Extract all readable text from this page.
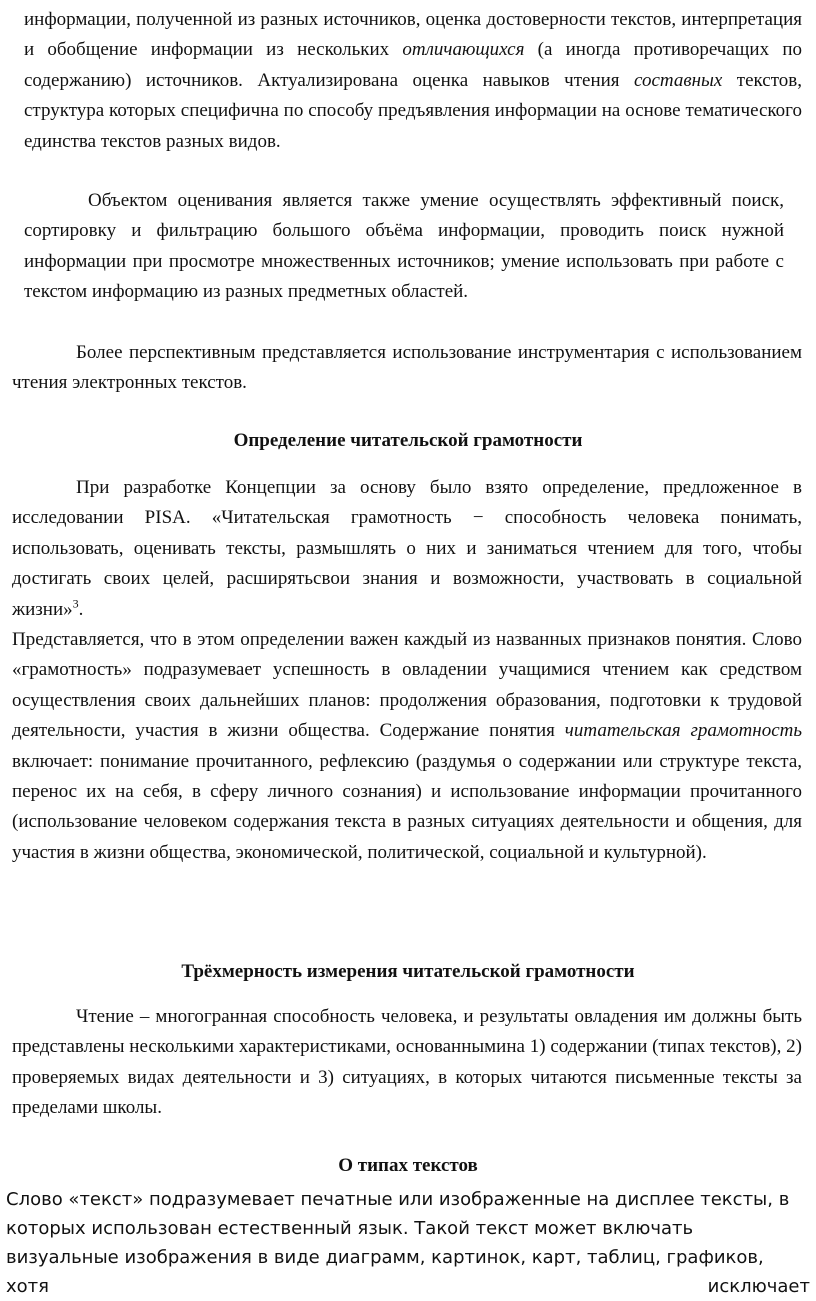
информации, полученной из разных источников, оценка достоверности текстов, интерпретация и обобщение информации из нескольких отличающихся (а иногда противоречащих по содержанию) источников. Актуализирована оценка навыков чтения составных текстов, структура которых специфична по способу предъявления информации на основе тематического единства текстов разных видов.

Объектом оценивания является также умение осуществлять эффективный поиск, сортировку и фильтрацию большого объёма информации, проводить поиск нужной информации при просмотре множественных источников; умение использовать при работе с текстом информацию из разных предметных областей.

Более перспективным представляется использование инструментария с использованием чтения электронных текстов.

Определение читательской грамотности

При разработке Концепции за основу было взято определение, предложенное в исследовании PISA. «Читательская грамотность − способность человека понимать, использовать, оценивать тексты, размышлять о них и заниматься чтением для того, чтобы достигать своих целей, расширятьсвои знания и возможности, участвовать в социальной жизни»$^3$.

Представляется, что в этом определении важен каждый из названных признаков понятия. Слово «грамотность» подразумевает успешность в овладении учащимися чтением как средством осуществления своих дальнейших планов: продолжения образования, подготовки к трудовой деятельности, участия в жизни общества. Содержание понятия читательская грамотность включает: понимание прочитанного, рефлексию (раздумья о содержании или структуре текста, перенос их на себя, в сферу личного сознания) и использование информации прочитанного (использование человеком содержания текста в разных ситуациях деятельности и общения, для участия в жизни общества, экономической, политической, социальной и культурной).

Трёхмерность измерения читательской грамотности

Чтение – многогранная способность человека, и результаты овладения им должны быть представлены несколькими характеристиками, основаннымина 1) содержании (типах текстов), 2) проверяемых видах деятельности и 3) ситуациях, в которых читаются письменные тексты за пределами школы.

О типах текстов

Слово «текст» подразумевает печатные или изображенные на дисплее тексты, в которых использован естественный язык. Такой текст может включать визуальные изображения в виде диаграмм, картинок, карт, таблиц, графиков, хотя исключает
